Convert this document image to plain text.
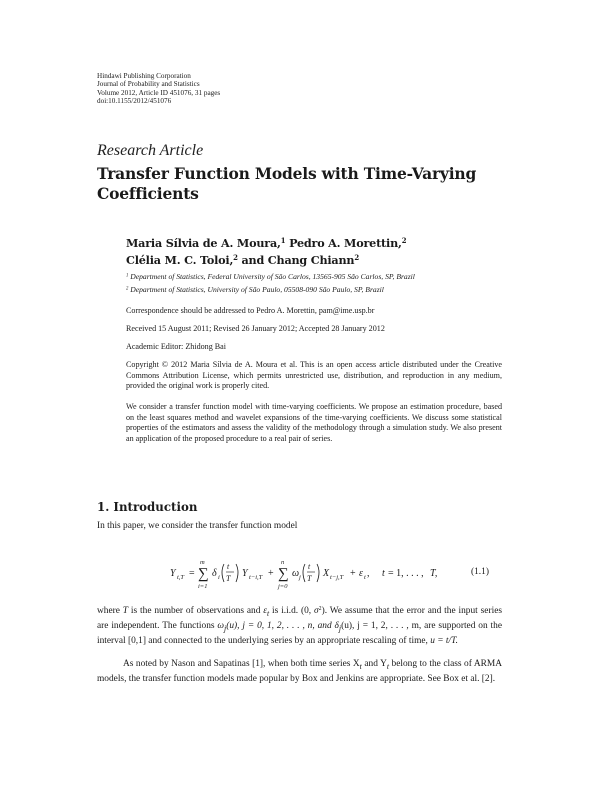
Hindawi Publishing Corporation
Journal of Probability and Statistics
Volume 2012, Article ID 451076, 31 pages
doi:10.1155/2012/451076
Research Article
Transfer Function Models with Time-Varying Coefficients
Maria Sílvia de A. Moura,$^1$ Pedro A. Morettin,$^2$
Clélia M. C. Toloi,$^2$ and Chang Chiann$^2$
$^1$ Department of Statistics, Federal University of São Carlos, 13565-905 São Carlos, SP, Brazil
$^2$ Department of Statistics, University of São Paulo, 05508-090 São Paulo, SP, Brazil
Correspondence should be addressed to Pedro A. Morettin, pam@ime.usp.br
Received 15 August 2011; Revised 26 January 2012; Accepted 28 January 2012
Academic Editor: Zhidong Bai
Copyright © 2012 Maria Sílvia de A. Moura et al. This is an open access article distributed under the Creative Commons Attribution License, which permits unrestricted use, distribution, and reproduction in any medium, provided the original work is properly cited.
We consider a transfer function model with time-varying coefficients. We propose an estimation procedure, based on the least squares method and wavelet expansions of the time-varying coefficients. We discuss some statistical properties of the estimators and assess the validity of the methodology through a simulation study. We also present an application of the proposed procedure to a real pair of series.
1. Introduction
In this paper, we consider the transfer function model
Y t,T = ∑
m
i=1
δ i
t
T Y t−i,T + ∑
n
j=0
ω j
t
T X t−j,T + ε t , t = 1, . . . , T,	(1.1)
where T is the number of observations and $\varepsilon_t$ is i.i.d. (0, $\sigma^2$). We assume that the error and the input series are independent. The functions $\omega_j(u)$, j = 0, 1, 2, . . . , n, and $\delta_j(u)$, j = 1, 2, . . . , m, are supported on the interval [0,1] and connected to the underlying series by an appropriate rescaling of time, u = t/T.
As noted by Nason and Sapatinas [1], when both time series $X_t$ and $Y_t$ belong to the class of ARMA models, the transfer function models made popular by Box and Jenkins are appropriate. See Box et al. [2].
